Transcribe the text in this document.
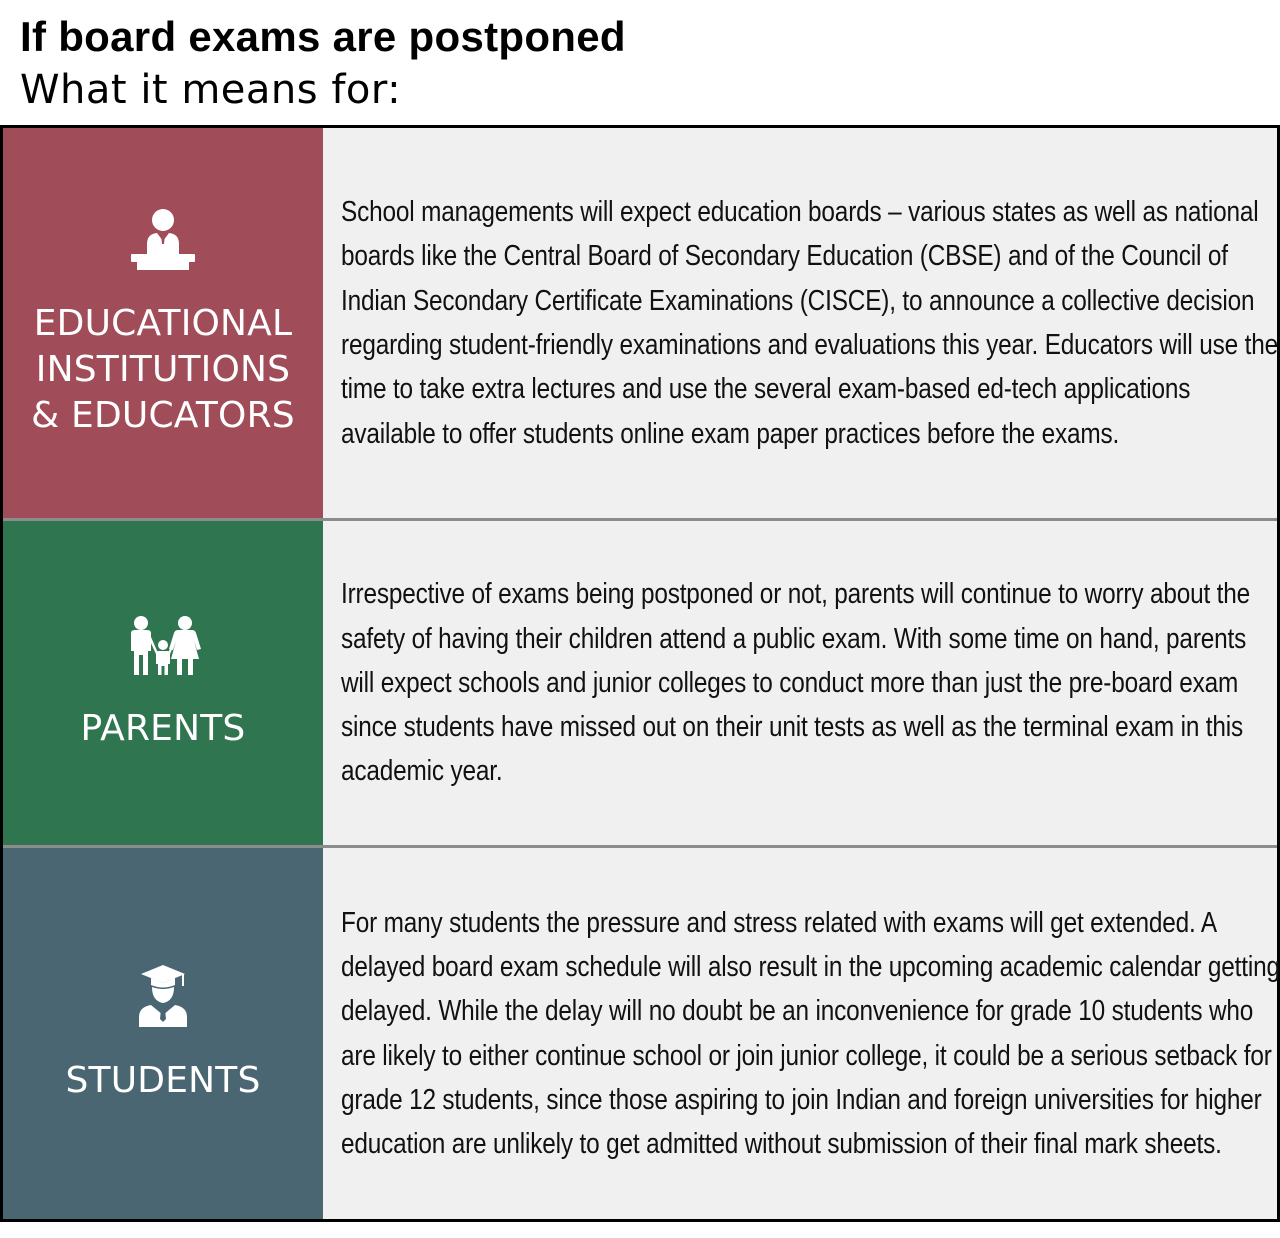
If board exams are postponed

What it means for:

EDUCATIONAL
INSTITUTIONS
& EDUCATORS
School managements will expect education boards – various states as well as national boards like the Central Board of Secondary Education (CBSE) and of the Council of Indian Secondary Certificate Examinations (CISCE), to announce a collective decision regarding student-friendly examinations and evaluations this year. Educators will use the time to take extra lectures and use the several exam-based ed-tech applications available to offer students online exam paper practices before the exams.
PARENTS
Irrespective of exams being postponed or not, parents will continue to worry about the safety of having their children attend a public exam. With some time on hand, parents will expect schools and junior colleges to conduct more than just the pre-board exam since students have missed out on their unit tests as well as the terminal exam in this academic year.
STUDENTS
For many students the pressure and stress related with exams will get extended. A delayed board exam schedule will also result in the upcoming academic calendar getting delayed. While the delay will no doubt be an inconvenience for grade 10 students who are likely to either continue school or join junior college, it could be a serious setback for grade 12 students, since those aspiring to join Indian and foreign universities for higher education are unlikely to get admitted without submission of their final mark sheets.
